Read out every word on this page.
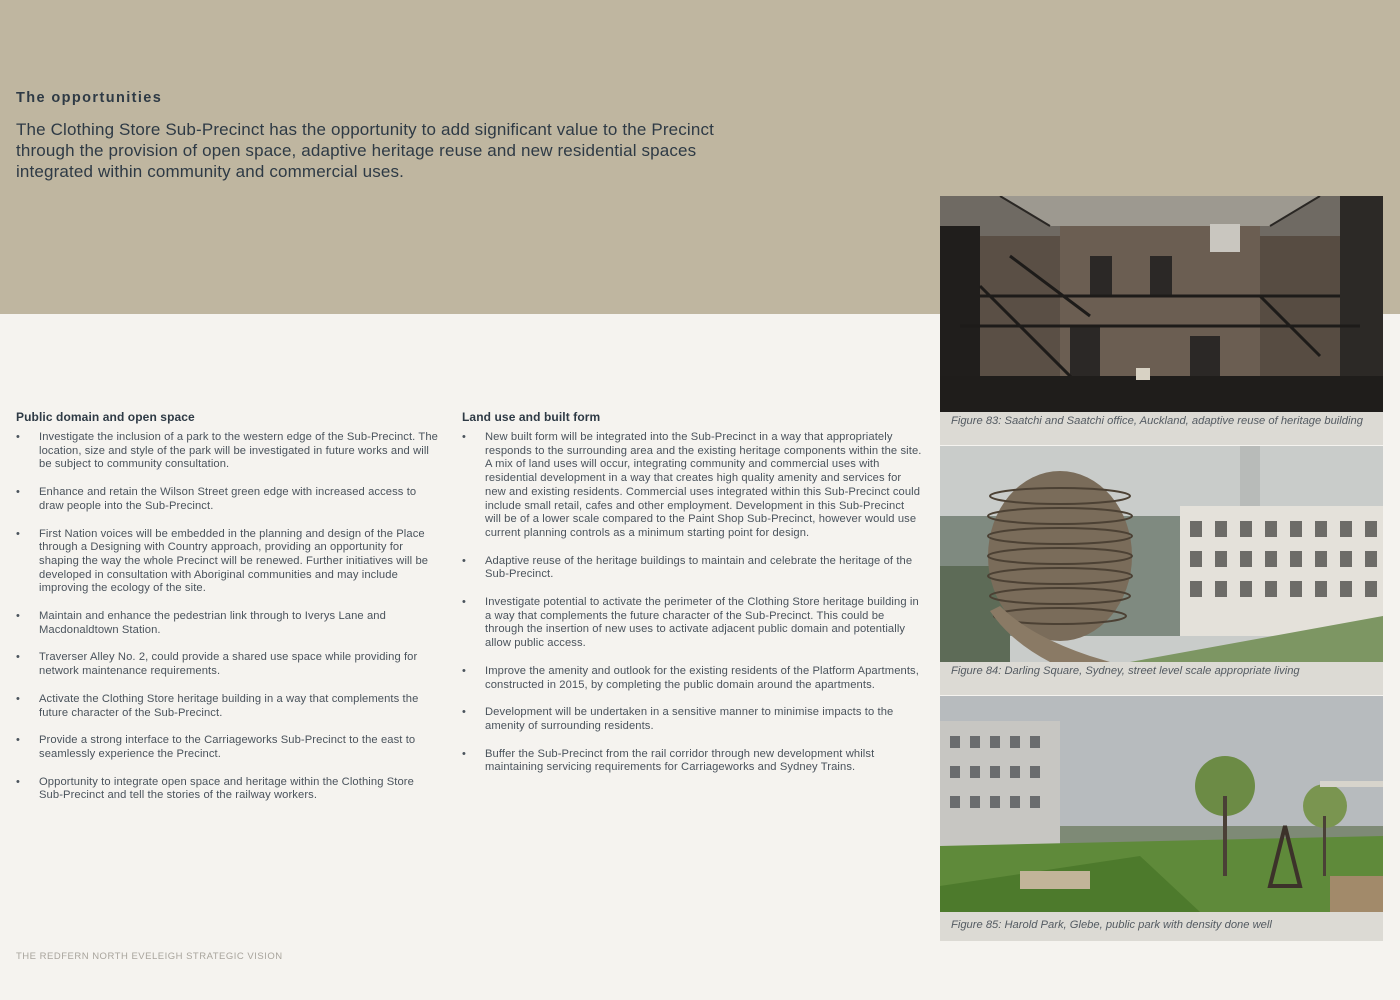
The opportunities

The Clothing Store Sub-Precinct has the opportunity to add significant value to the Precinct through the provision of open space, adaptive heritage reuse and new residential spaces integrated within community and commercial uses.

Public domain and open space
• Investigate the inclusion of a park to the western edge of the Sub-Precinct. The location, size and style of the park will be investigated in future works and will be subject to community consultation.
• Enhance and retain the Wilson Street green edge with increased access to draw people into the Sub-Precinct.
• First Nation voices will be embedded in the planning and design of the Place through a Designing with Country approach, providing an opportunity for shaping the way the whole Precinct will be renewed. Further initiatives will be developed in consultation with Aboriginal communities and may include improving the ecology of the site.
• Maintain and enhance the pedestrian link through to Iverys Lane and Macdonaldtown Station.
• Traverser Alley No. 2, could provide a shared use space while providing for network maintenance requirements.
• Activate the Clothing Store heritage building in a way that complements the future character of the Sub-Precinct.
• Provide a strong interface to the Carriageworks Sub-Precinct to the east to seamlessly experience the Precinct.
• Opportunity to integrate open space and heritage within the Clothing Store Sub-Precinct and tell the stories of the railway workers.
Land use and built form
• New built form will be integrated into the Sub-Precinct in a way that appropriately responds to the surrounding area and the existing heritage components within the site. A mix of land uses will occur, integrating community and commercial uses with residential development in a way that creates high quality amenity and services for new and existing residents. Commercial uses integrated within this Sub-Precinct could include small retail, cafes and other employment. Development in this Sub-Precinct will be of a lower scale compared to the Paint Shop Sub-Precinct, however would use current planning controls as a minimum starting point for design.
• Adaptive reuse of the heritage buildings to maintain and celebrate the heritage of the Sub-Precinct.
• Investigate potential to activate the perimeter of the Clothing Store heritage building in a way that complements the future character of the Sub-Precinct. This could be through the insertion of new uses to activate adjacent public domain and potentially allow public access.
• Improve the amenity and outlook for the existing residents of the Platform Apartments, constructed in 2015, by completing the public domain around the apartments.
• Development will be undertaken in a sensitive manner to minimise impacts to the amenity of surrounding residents.
• Buffer the Sub-Precinct from the rail corridor through new development whilst maintaining servicing requirements for Carriageworks and Sydney Trains.
Figure 83: Saatchi and Saatchi office, Auckland, adaptive reuse of heritage building
Figure 84: Darling Square, Sydney, street level scale appropriate living
Figure 85: Harold Park, Glebe, public park with density done well
THE REDFERN NORTH EVELEIGH STRATEGIC VISION
